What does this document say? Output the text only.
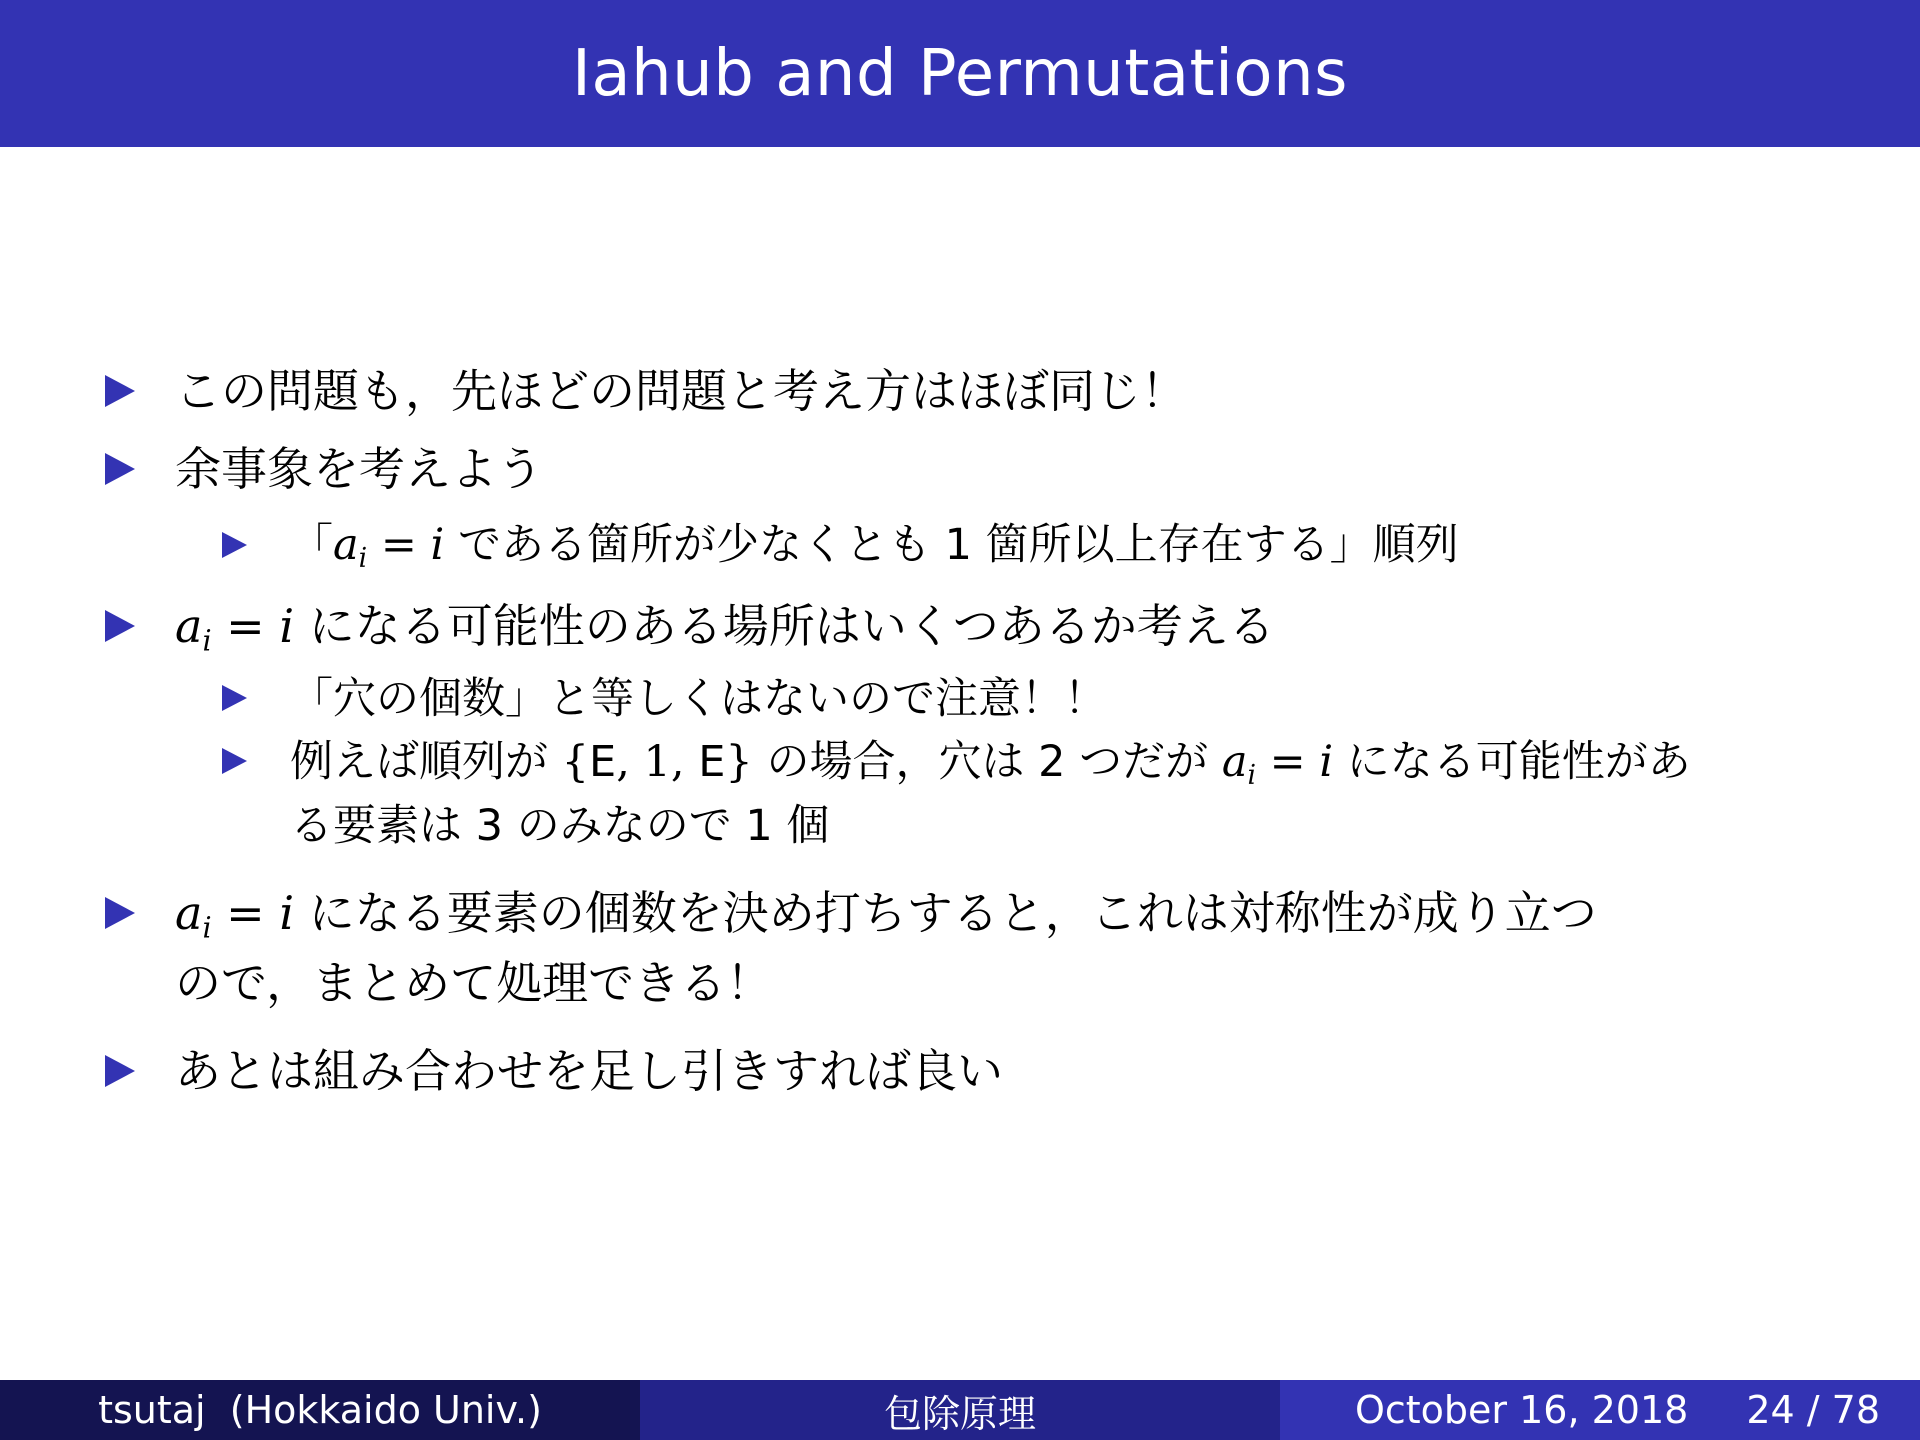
Iahub and Permutations
この問題も，先ほどの問題と考え方はほぼ同じ！
余事象を考えよう
「$a_i = i$ である箇所が少なくとも 1 箇所以上存在する」順列
$a_i = i$ になる可能性のある場所はいくつあるか考える
「穴の個数」と等しくはないので注意！！
例えば順列が {E, 1, E} の場合，穴は 2 つだが $a_i = i$ になる可能性があ
る要素は 3 のみなので 1 個
$a_i = i$ になる要素の個数を決め打ちすると，これは対称性が成り立つ
ので，まとめて処理できる！
あとは組み合わせを足し引きすれば良い
tsutaj  (Hokkaido Univ.)	包除原理	October 16, 2018 24 / 78
